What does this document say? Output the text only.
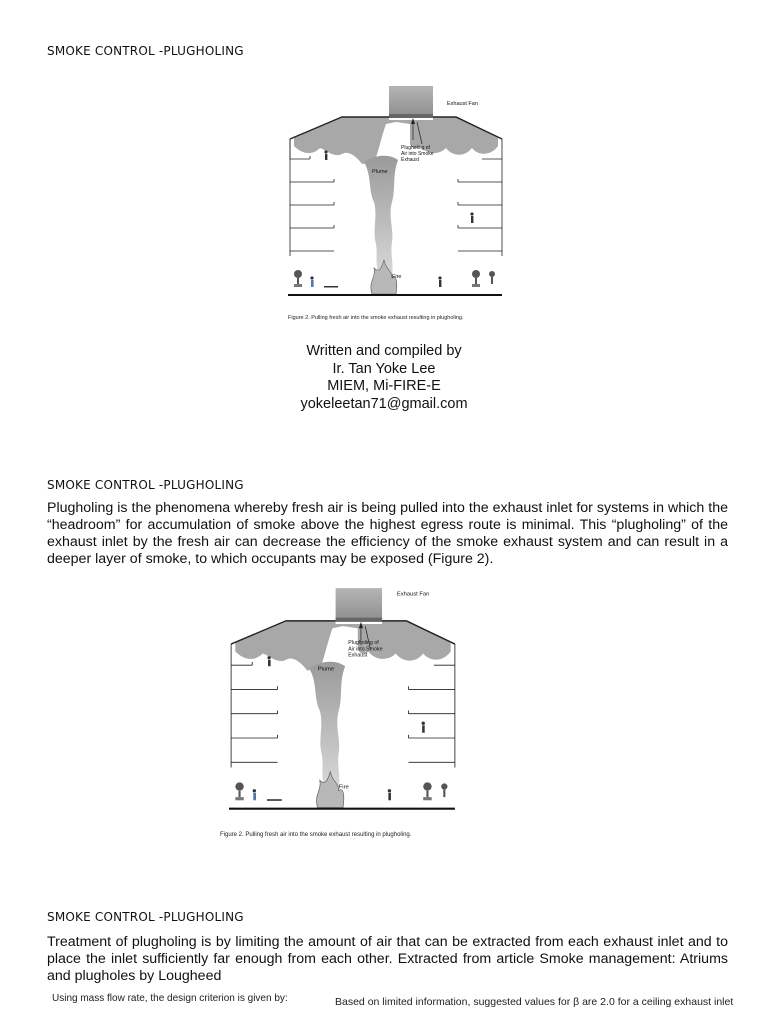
SMOKE CONTROL -PLUGHOLING
Exhaust Fan
Plugholing of
Air into Smoke
Exhaust
Plume
Fire
Figure 2. Pulling fresh air into the smoke exhaust resulting in plugholing.
Written and compiled by
Ir. Tan Yoke Lee
MIEM, Mi-FIRE-E
yokeleetan71@gmail.com
SMOKE CONTROL -PLUGHOLING
Plugholing is the phenomena whereby fresh air is being pulled into the exhaust inlet for systems in which the “headroom” for accumulation of smoke above the highest egress route is minimal. This “plugholing” of the exhaust inlet by the fresh air can decrease the efficiency of the smoke exhaust system and can result in a deeper layer of smoke, to which occupants may be exposed (Figure 2).
Exhaust Fan
Plugholing of
Air into Smoke
Exhaust
Plume
Fire
Figure 2. Pulling fresh air into the smoke exhaust resulting in plugholing.
SMOKE CONTROL -PLUGHOLING
Treatment of plugholing is by limiting the amount of air that can be extracted from each exhaust inlet and to place the inlet sufficiently far enough from each other. Extracted from article Smoke management: Atriums and plugholes by Lougheed
Using mass flow rate, the design criterion is given by:	Based on limited information, suggested values for β are 2.0 for a ceiling exhaust inlet
